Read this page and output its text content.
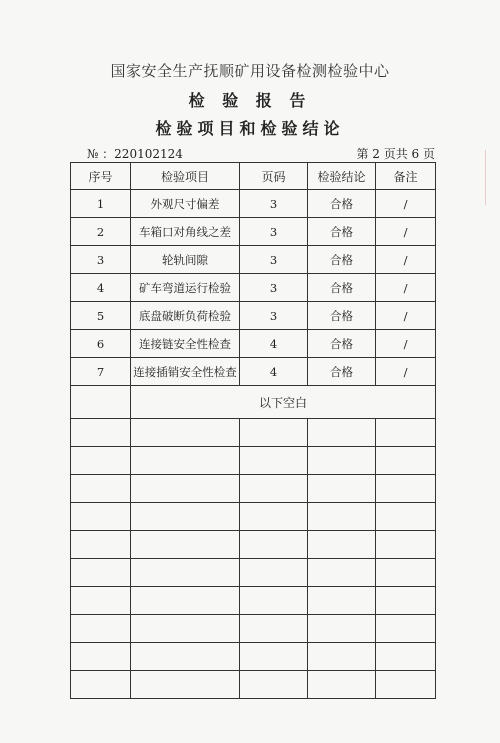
国家安全生产抚顺矿用设备检测检验中心
检 验 报 告
检验项目和检验结论
№ ：220102124	第 2 页共 6 页
序号	检验项目	页码	检验结论	备注
1	外观尺寸偏差	3	合格	/
2	车箱口对角线之差	3	合格	/
3	轮轨间隙	3	合格	/
4	矿车弯道运行检验	3	合格	/
5	底盘破断负荷检验	3	合格	/
6	连接链安全性检查	4	合格	/
7	连接插销安全性检查	4	合格	/
	以下空白			
